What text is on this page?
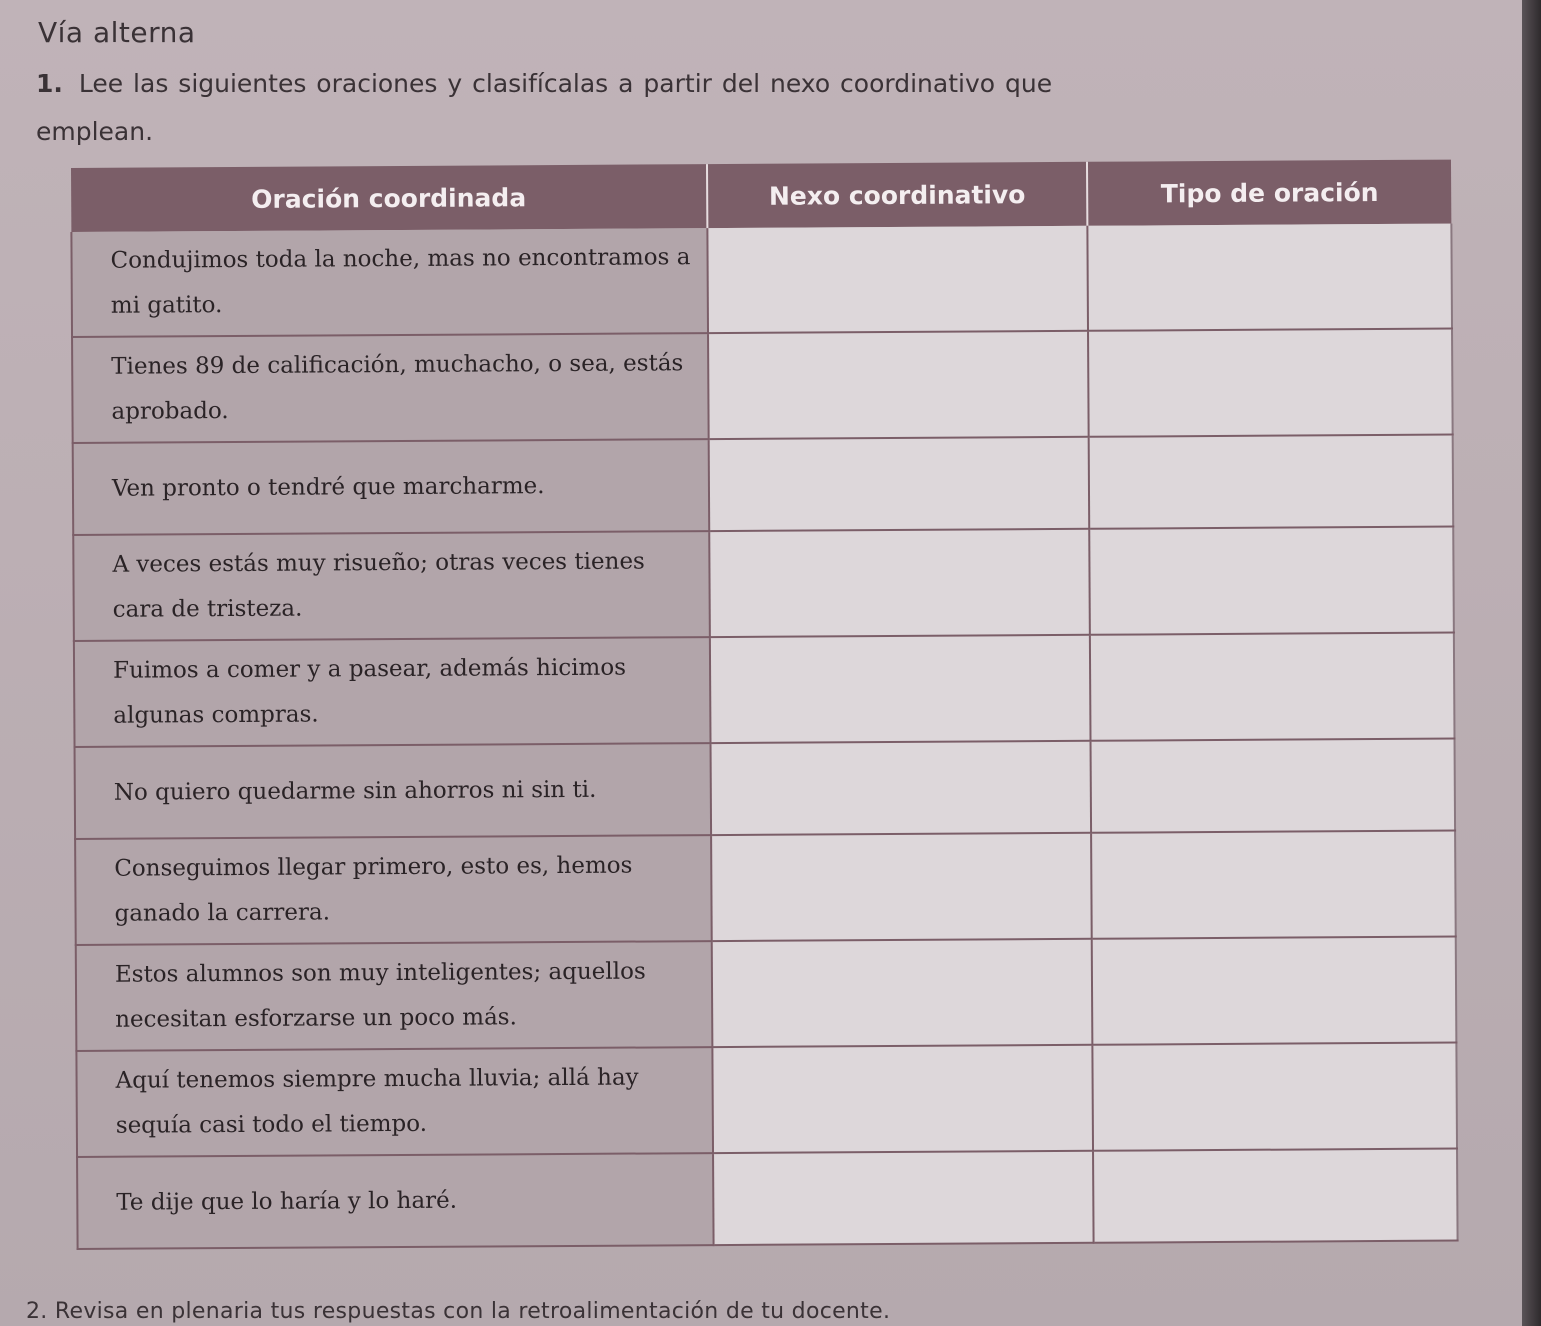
Vía alterna

1. Lee las siguientes oraciones y clasifícalas a partir del nexo coordinativo que emplean.

Oración coordinada	Nexo coordinativo	Tipo de oración
Condujimos toda la noche, mas no encontramos a mi gatito.		
Tienes 89 de calificación, muchacho, o sea, estás aprobado.		
Ven pronto o tendré que marcharme.		
A veces estás muy risueño; otras veces tienes cara de tristeza.		
Fuimos a comer y a pasear, además hicimos algunas compras.		
No quiero quedarme sin ahorros ni sin ti.		
Conseguimos llegar primero, esto es, hemos ganado la carrera.		
Estos alumnos son muy inteligentes; aquellos necesitan esforzarse un poco más.		
Aquí tenemos siempre mucha lluvia; allá hay sequía casi todo el tiempo.		
Te dije que lo haría y lo haré.		

2. Revisa en plenaria tus respuestas con la retroalimentación de tu docente.
